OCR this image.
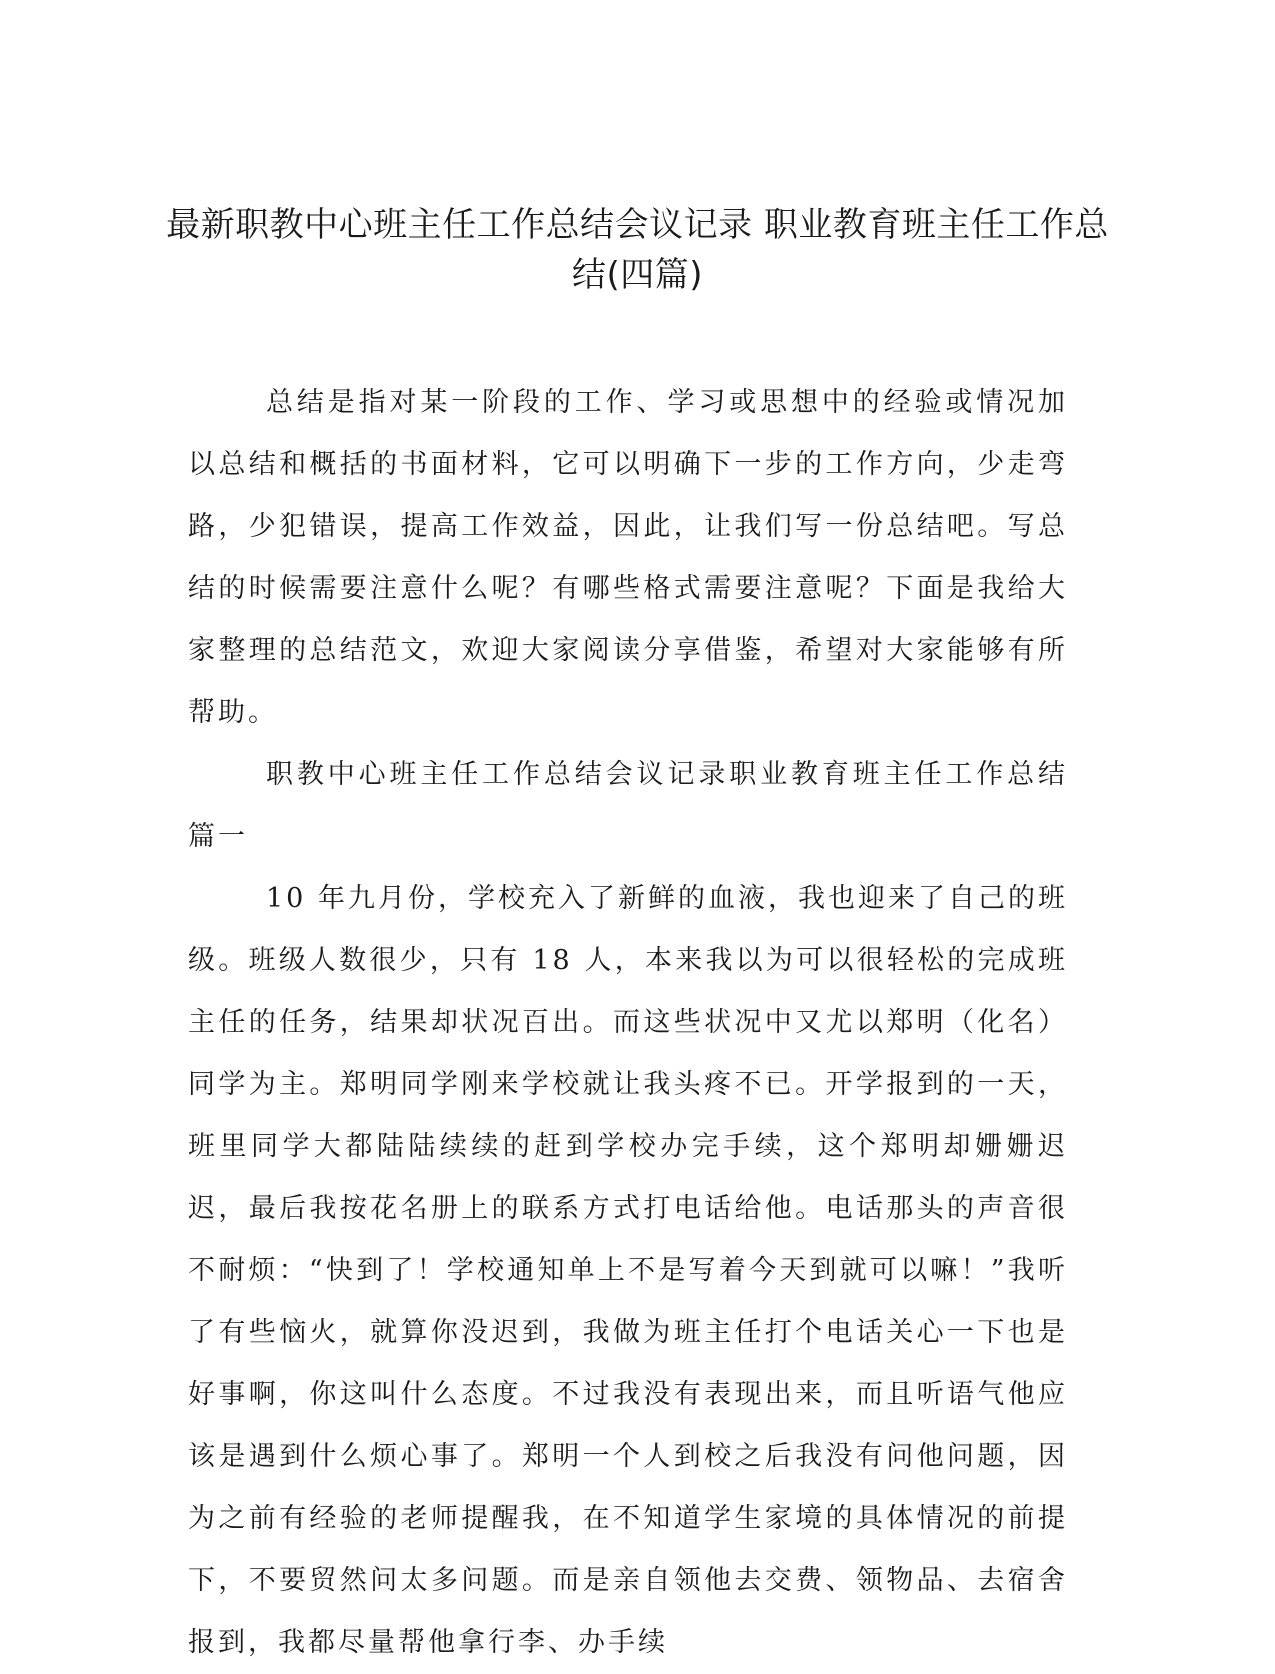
最新职教中心班主任工作总结会议记录 职业教育班主任工作总结(四篇)

总结是指对某一阶段的工作、学习或思想中的经验或情况加以总结和概括的书面材料，它可以明确下一步的工作方向，少走弯路，少犯错误，提高工作效益，因此，让我们写一份总结吧。写总结的时候需要注意什么呢？有哪些格式需要注意呢？下面是我给大家整理的总结范文，欢迎大家阅读分享借鉴，希望对大家能够有所帮助。

职教中心班主任工作总结会议记录职业教育班主任工作总结篇一

10 年九月份，学校充入了新鲜的血液，我也迎来了自己的班级。班级人数很少，只有 18 人，本来我以为可以很轻松的完成班主任的任务，结果却状况百出。而这些状况中又尤以郑明（化名）同学为主。郑明同学刚来学校就让我头疼不已。开学报到的一天，班里同学大都陆陆续续的赶到学校办完手续，这个郑明却姗姗迟迟，最后我按花名册上的联系方式打电话给他。电话那头的声音很不耐烦：“快到了！学校通知单上不是写着今天到就可以嘛！”我听了有些恼火，就算你没迟到，我做为班主任打个电话关心一下也是好事啊，你这叫什么态度。不过我没有表现出来，而且听语气他应该是遇到什么烦心事了。郑明一个人到校之后我没有问他问题，因为之前有经验的老师提醒我，在不知道学生家境的具体情况的前提下，不要贸然问太多问题。而是亲自领他去交费、领物品、去宿舍报到，我都尽量帮他拿行李、办手续
